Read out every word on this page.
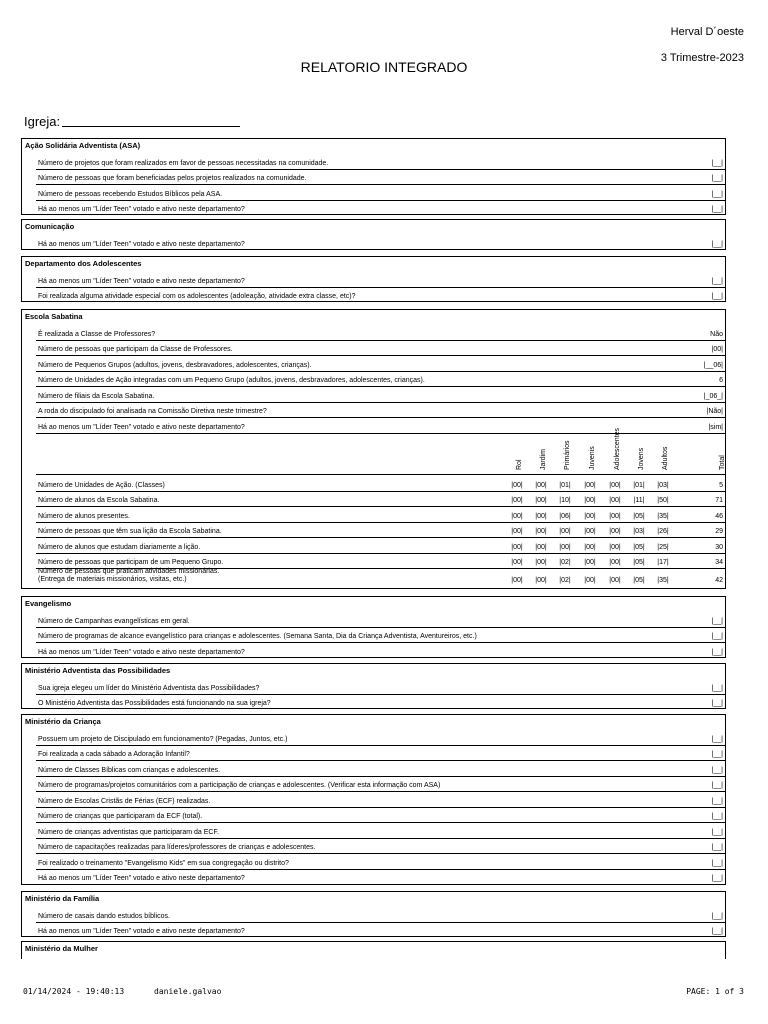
Herval D´oeste
3 Trimestre-2023
RELATORIO INTEGRADO
Igreja:
Ação Solidária Adventista (ASA)
Número de projetos que foram realizados em favor de pessoas necessitadas na comunidade.	|__|
Número de pessoas que foram beneficiadas pelos projetos realizados na comunidade.	|__|
Número de pessoas recebendo Estudos Bíblicos pela ASA.	|__|
Há ao menos um "Líder Teen" votado e ativo neste departamento?	|__|
Comunicação
Há ao menos um "Líder Teen" votado e ativo neste departamento?	|__|
Departamento dos Adolescentes
Há ao menos um "Líder Teen" votado e ativo neste departamento?	|__|
Foi realizada alguma atividade especial com os adolescentes (adoleação, atividade extra classe, etc)?	|__|
Escola Sabatina
É realizada a Classe de Professores?	Não
Número de pessoas que participam da Classe de Professores.	|00|
Número de Pequenos Grupos (adultos, jovens, desbravadores, adolescentes, crianças).	|__06|
Número de Unidades de Ação integradas com um Pequeno Grupo (adultos, jovens, desbravadores, adolescentes, crianças).	6
Número de filiais da Escola Sabatina.	|_06_|
A roda do discipulado foi analisada na Comissão Diretiva neste trimestre?	|Não|
Há ao menos um "Líder Teen" votado e ativo neste departamento?	|sim|
Rol Jardim Primários	Juvenis	Adolescentes Jovens Adultos	Total
Número de Unidades de Ação. (Classes)	|00|	|00|	|01|	|00|	|00|	|01|	|03|	5
Número de alunos da Escola Sabatina.	|00|	|00|	|10|	|00|	|00|	|11|	|50|	71
Número de alunos presentes.	|00|	|00|	|06|	|00|	|00|	|05|	|35|	46
Número de pessoas que têm sua lição da Escola Sabatina.	|00|	|00|	|00|	|00|	|00|	|03|	|26|	29
Número de alunos que estudam diariamente a lição.	|00|	|00|	|00|	|00|	|00|	|05|	|25|	30
Número de pessoas que participam de um Pequeno Grupo.	|00|	|00|	|02|	|00|	|00|	|05|	|17|	34
Número de pessoas que praticam atividades missionárias.
(Entrega de materiais missionários, visitas, etc.)	|00|	|00|	|02|	|00|	|00|	|05|	|35|	42
Evangelismo
Número de Campanhas evangelísticas em geral.	|__|
Número de programas de alcance evangelístico para crianças e adolescentes. (Semana Santa, Dia da Criança Adventista, Aventureiros, etc.)	|__|
Há ao menos um "Líder Teen" votado e ativo neste departamento?	|__|
Ministério Adventista das Possibilidades
Sua igreja elegeu um líder do Ministério Adventista das Possibilidades?	|__|
O Ministério Adventista das Possibilidades está funcionando na sua igreja?	|__|
Ministério da Criança
Possuem um projeto de Discipulado em funcionamento? (Pegadas, Juntos, etc.)	|__|
Foi realizada a cada sábado a Adoração Infantil?	|__|
Número de Classes Bíblicas com crianças e adolescentes.	|__|
Número de programas/projetos comunitários com a participação de crianças e adolescentes. (Verificar esta informação com ASA)	|__|
Número de Escolas Cristãs de Férias (ECF) realizadas.	|__|
Número de crianças que participaram da ECF (total).	|__|
Número de crianças adventistas que participaram da ECF.	|__|
Número de capacitações realizadas para líderes/professores de crianças e adolescentes.	|__|
Foi realizado o treinamento "Evangelismo Kids" em sua congregação ou distrito?	|__|
Há ao menos um "Líder Teen" votado e ativo neste departamento?	|__|
Ministério da Família
Número de casais dando estudos bíblicos.	|__|
Há ao menos um "Líder Teen" votado e ativo neste departamento?	|__|
Ministério da Mulher
01/14/2024 - 19:40:13	daniele.galvao	PAGE: 1 of 3
